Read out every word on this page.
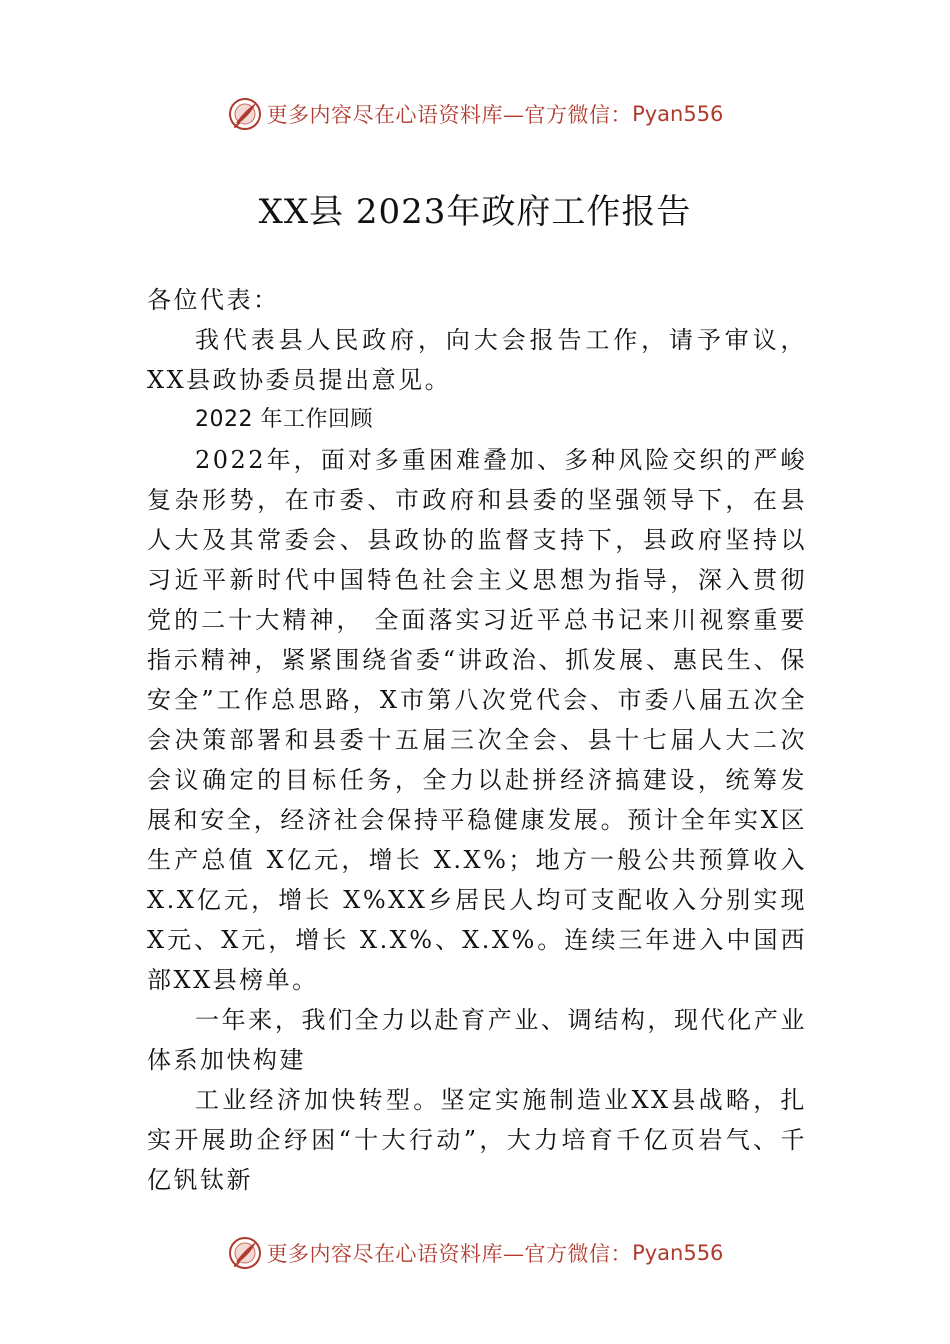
更多内容尽在心语资料库—官方微信： Pyan556
XX县 2023年政府工作报告

各位代表：

我代表县人民政府，向大会报告工作，请予审议，XX县政协委员提出意见。

2022 年工作回顾

2022年，面对多重困难叠加、多种风险交织的严峻复杂形势，在市委、市政府和县委的坚强领导下，在县人大及其常委会、县政协的监督支持下，县政府坚持以习近平新时代中国特色社会主义思想为指导，深入贯彻党的二十大精神， 全面落实习近平总书记来川视察重要指示精神，紧紧围绕省委“讲政治、抓发展、惠民生、保安全”工作总思路，X市第八次党代会、市委八届五次全会决策部署和县委十五届三次全会、县十七届人大二次会议确定的目标任务，全力以赴拼经济搞建设，统筹发展和安全，经济社会保持平稳健康发展。预计全年实X区生产总值 X亿元，增长 X.X%；地方一般公共预算收入 X.X亿元，增长 X%XX乡居民人均可支配收入分别实现 X元、X元，增长 X.X%、X.X%。连续三年进入中国西部XX县榜单。

一年来，我们全力以赴育产业、调结构，现代化产业体系加快构建

工业经济加快转型。坚定实施制造业XX县战略，扎实开展助企纾困“十大行动”，大力培育千亿页岩气、千亿钒钛新

更多内容尽在心语资料库—官方微信： Pyan556
